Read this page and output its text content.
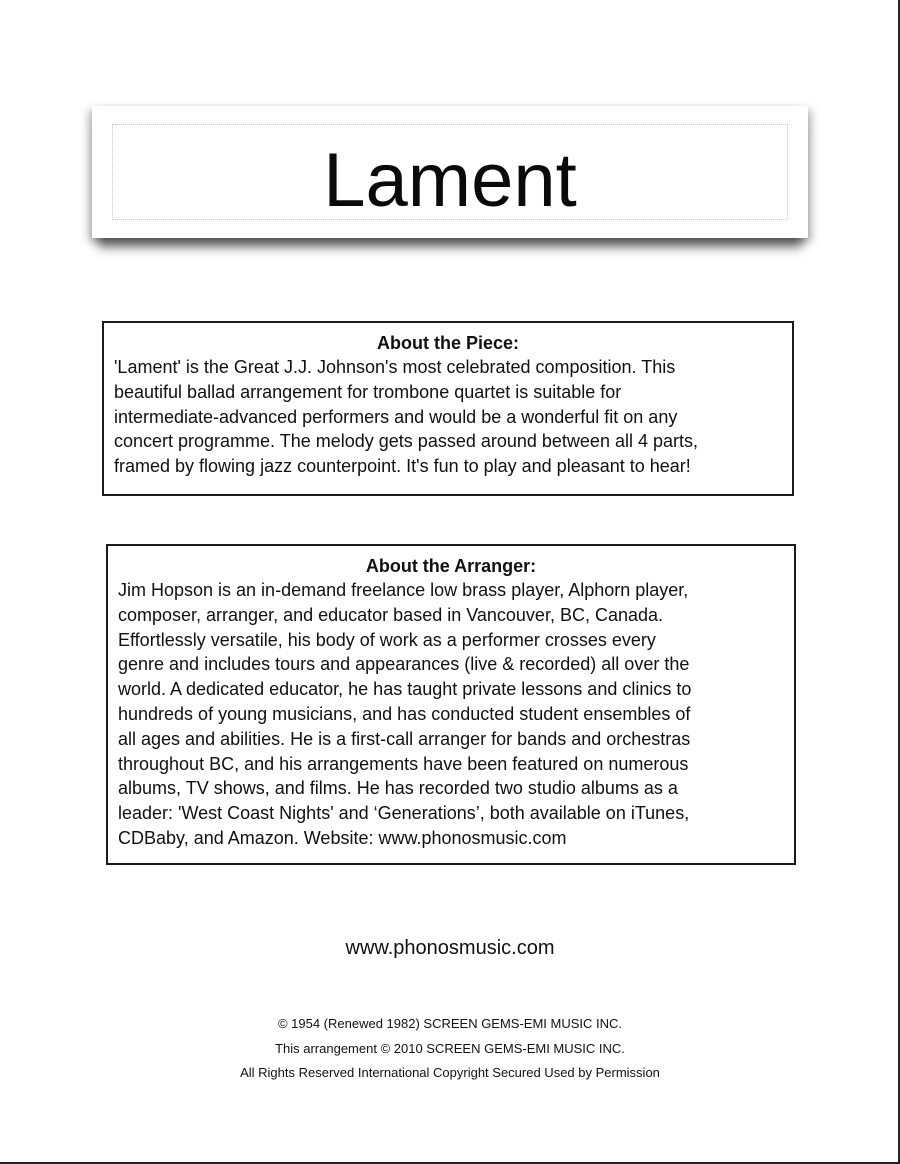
Lament

About the Piece:

'Lament' is the Great J.J. Johnson's most celebrated composition. This

beautiful ballad arrangement for trombone quartet is suitable for

intermediate-advanced performers and would be a wonderful fit on any

concert programme. The melody gets passed around between all 4 parts,

framed by flowing jazz counterpoint. It's fun to play and pleasant to hear!

About the Arranger:

Jim Hopson is an in-demand freelance low brass player, Alphorn player,

composer, arranger, and educator based in Vancouver, BC, Canada.

Effortlessly versatile, his body of work as a performer crosses every

genre and includes tours and appearances (live & recorded) all over the

world. A dedicated educator, he has taught private lessons and clinics to

hundreds of young musicians, and has conducted student ensembles of

all ages and abilities. He is a first-call arranger for bands and orchestras

throughout BC, and his arrangements have been featured on numerous

albums, TV shows, and films. He has recorded two studio albums as a

leader: 'West Coast Nights' and ‘Generations’, both available on iTunes,

CDBaby, and Amazon. Website: www.phonosmusic.com

www.phonosmusic.com
© 1954 (Renewed 1982) SCREEN GEMS-EMI MUSIC INC.
This arrangement © 2010 SCREEN GEMS-EMI MUSIC INC.
All Rights Reserved International Copyright Secured Used by Permission
